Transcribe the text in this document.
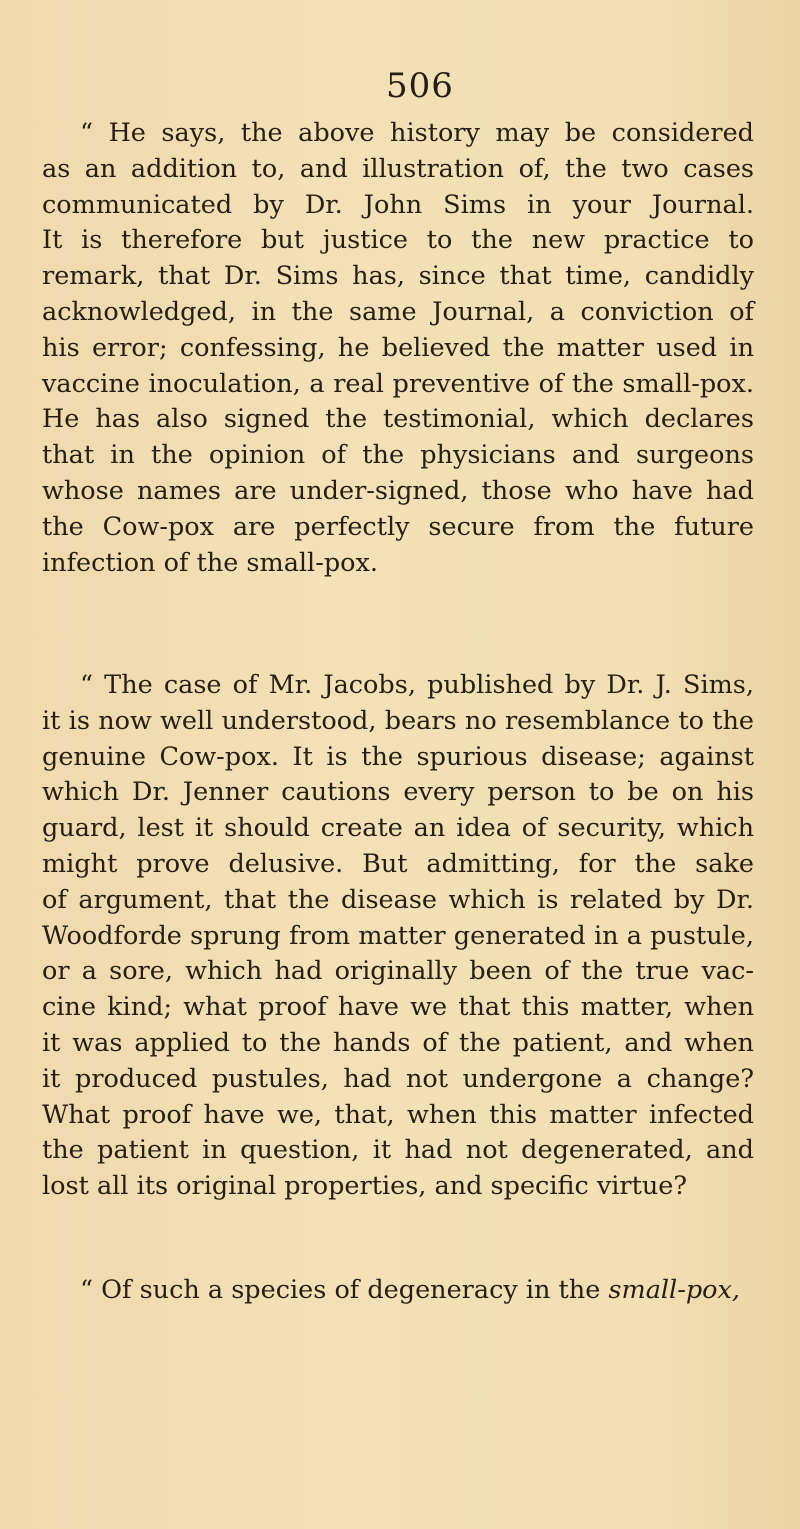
506
“ He says, the above history may be considered
as an addition to, and illustration of, the two cases
communicated by Dr. John Sims in your Journal.
It is therefore but justice to the new practice to
remark, that Dr. Sims has, since that time, candidly
acknowledged, in the same Journal, a conviction of
his error; confessing, he believed the matter used in
vaccine inoculation, a real preventive of the small-pox.
He has also signed the testimonial, which declares
that in the opinion of the physicians and surgeons
whose names are under-signed, those who have had
the Cow-pox are perfectly secure from the future
infection of the small-pox.
“ The case of Mr. Jacobs, published by Dr. J. Sims,
it is now well understood, bears no resemblance to the
genuine Cow-pox. It is the spurious disease; against
which Dr. Jenner cautions every person to be on his
guard, lest it should create an idea of security, which
might prove delusive. But admitting, for the sake
of argument, that the disease which is related by Dr.
Woodforde sprung from matter generated in a pustule,
or a sore, which had originally been of the true vac-
cine kind; what proof have we that this matter, when
it was applied to the hands of the patient, and when
it produced pustules, had not undergone a change?
What proof have we, that, when this matter infected
the patient in question, it had not degenerated, and
lost all its original properties, and specific virtue?
“ Of such a species of degeneracy in the small-pox,
